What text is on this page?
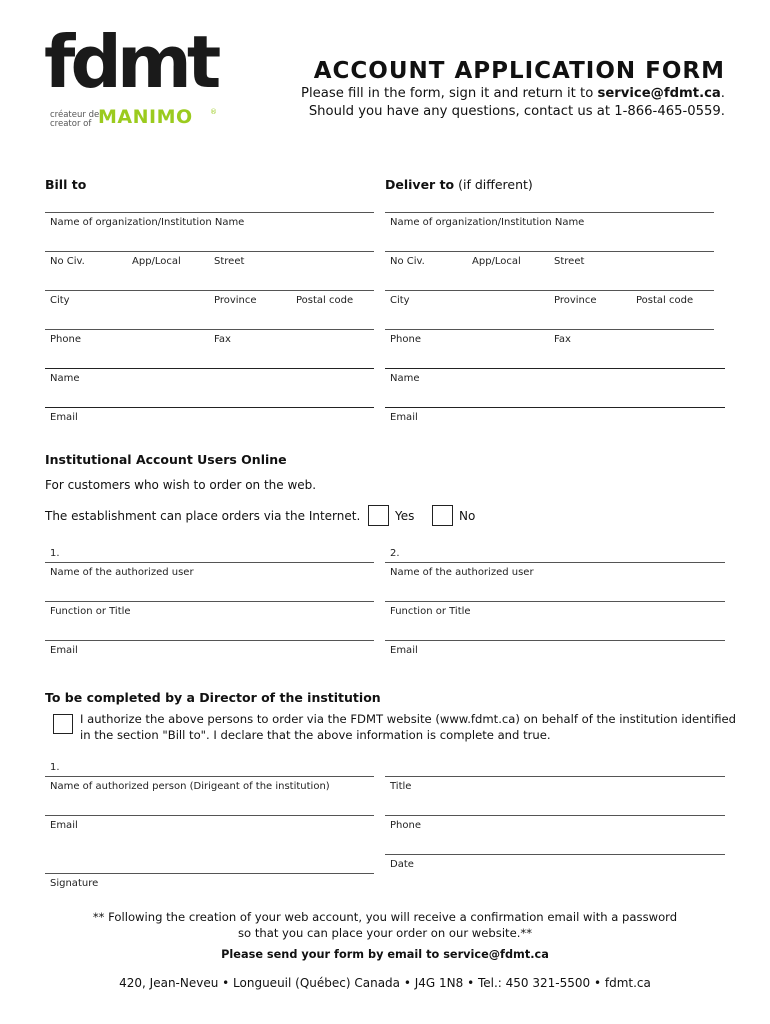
fdmt
créateur de
creator of MANIMO ®
ACCOUNT APPLICATION FORM
Please fill in the form, sign it and return it to service@fdmt.ca.
Should you have any questions, contact us at 1-866-465-0559.
Bill to
Name of organization/Institution Name
No Civ.	App/Local	Street
City	Province	Postal code
Phone	Fax
Name
Email
Deliver to (if different)
Name of organization/Institution Name
No Civ.	App/Local	Street
City	Province	Postal code
Phone	Fax
Name
Email
Institutional Account Users Online
For customers who wish to order on the web.
The establishment can place orders via the Internet.	Yes	No
1.
Name of the authorized user
Function or Title
Email
2.
Name of the authorized user
Function or Title
Email
To be completed by a Director of the institution
I authorize the above persons to order via the FDMT website (www.fdmt.ca) on behalf of the institution identified in the section "Bill to". I declare that the above information is complete and true.
1.
Name of authorized person (Dirigeant of the institution)	Title
Email	Phone
Date
Signature
** Following the creation of your web account, you will receive a confirmation email with a password
so that you can place your order on our website.**
Please send your form by email to service@fdmt.ca
420, Jean-Neveu • Longueuil (Québec) Canada • J4G 1N8 • Tel.: 450 321-5500 • fdmt.ca
